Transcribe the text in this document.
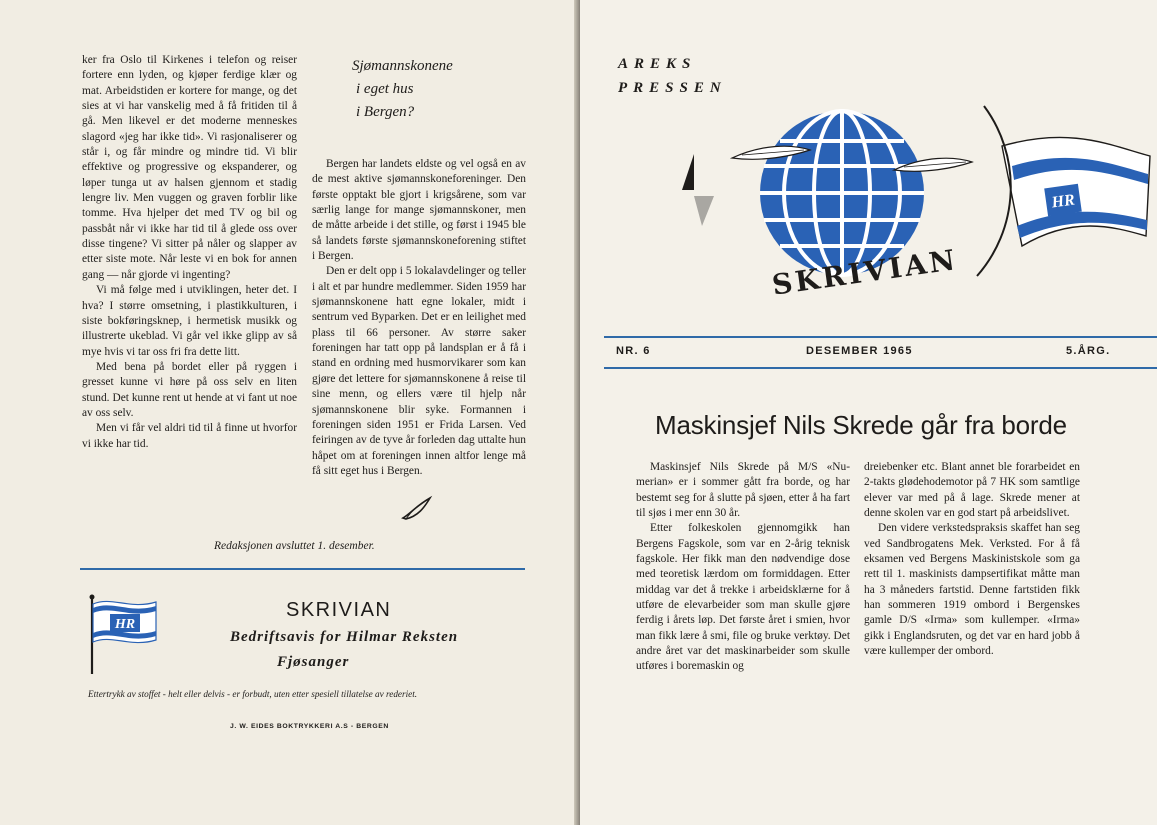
ker fra Oslo til Kirkenes i telefon og reiser fortere enn lyden, og kjøper ferdige klær og mat. Arbeidstiden er kortere for mange, og det sies at vi har vanskelig med å få fritiden til å gå. Men likevel er det moderne menneskes slagord «jeg har ikke tid». Vi rasjonaliserer og står i, og får mindre og mindre tid. Vi blir effektive og progressive og ekspanderer, og løper tunga ut av halsen gjennom et stadig lengre liv. Men vuggen og graven forblir like tomme. Hva hjelper det med TV og bil og passbåt når vi ikke har tid til å glede oss over disse tingene? Vi sitter på nåler og slapper av etter siste mote. Når leste vi en bok for annen gang — når gjorde vi ingenting?

Vi må følge med i utviklingen, heter det. I hva? I større omsetning, i plastikkulturen, i siste bokføringsknep, i hermetisk musikk og illustrerte ukeblad. Vi går vel ikke glipp av så mye hvis vi tar oss fri fra dette litt.

Med bena på bordet eller på ryggen i gresset kunne vi høre på oss selv en liten stund. Det kunne rent ut hende at vi fant ut noe av oss selv.

Men vi får vel aldri tid til å finne ut hvorfor vi ikke har tid.

Sjømannskonene
i eget hus
i Bergen?

Bergen har landets eldste og vel også en av de mest aktive sjømannskoneforeninger. Den første opptakt ble gjort i krigsårene, som var særlig lange for mange sjømannskoner, men de måtte arbeide i det stille, og først i 1945 ble så landets første sjømannskoneforening stiftet i Bergen.

Den er delt opp i 5 lokalavdelinger og teller i alt et par hundre medlemmer. Siden 1959 har sjømannskonene hatt egne lokaler, midt i sentrum ved Byparken. Det er en leilighet med plass til 66 personer. Av større saker foreningen har tatt opp på landsplan er å få i stand en ordning med husmorvikarer som kan gjøre det lettere for sjømannskonene å reise til sine menn, og ellers være til hjelp når sjømannskonene blir syke. Formannen i foreningen siden 1951 er Frida Larsen. Ved feiringen av de tyve år forleden dag uttalte hun håpet om at foreningen innen altfor lenge må få sitt eget hus i Bergen.

Redaksjonen avsluttet 1. desember.
HR
SKRIVIAN
Bedriftsavis for Hilmar Reksten
Fjøsanger
Ettertrykk av stoffet - helt eller delvis - er forbudt, uten etter spesiell tillatelse av rederiet.
J. W. EIDES BOKTRYKKERI A.S - BERGEN
AREKS
PRESSEN
HR
SKRIVIAN
NR. 6	DESEMBER 1965	5.ÅRG.
Maskinsjef Nils Skrede går fra borde

Maskinsjef Nils Skrede på M/S «Numerian» er i sommer gått fra borde, og har bestemt seg for å slutte på sjøen, etter å ha fart til sjøs i mer enn 30 år.

Etter folkeskolen gjennomgikk han Bergens Fagskole, som var en 2-årig teknisk fagskole. Her fikk man den nødvendige dose med teoretisk lærdom om formiddagen. Etter middag var det å trekke i arbeidsklærne for å utføre de elevarbeider som man skulle gjøre ferdig i årets løp. Det første året i smien, hvor man fikk lære å smi, file og bruke verktøy. Det andre året var det maskinarbeider som skulle utføres i boremaskin og

dreiebenker etc. Blant annet ble forarbeidet en 2-takts glødehodemotor på 7 HK som samtlige elever var med på å lage. Skrede mener at denne skolen var en god start på arbeidslivet.

Den videre verkstedspraksis skaffet han seg ved Sandbrogatens Mek. Verksted. For å få eksamen ved Bergens Maskinistskole som ga rett til 1. maskinists dampsertifikat måtte man ha 3 måneders fartstid. Denne fartstiden fikk han sommeren 1919 ombord i Bergenskes gamle D/S «Irma» som kullemper. «Irma» gikk i Englandsruten, og det var en hard jobb å være kullemper der ombord.
